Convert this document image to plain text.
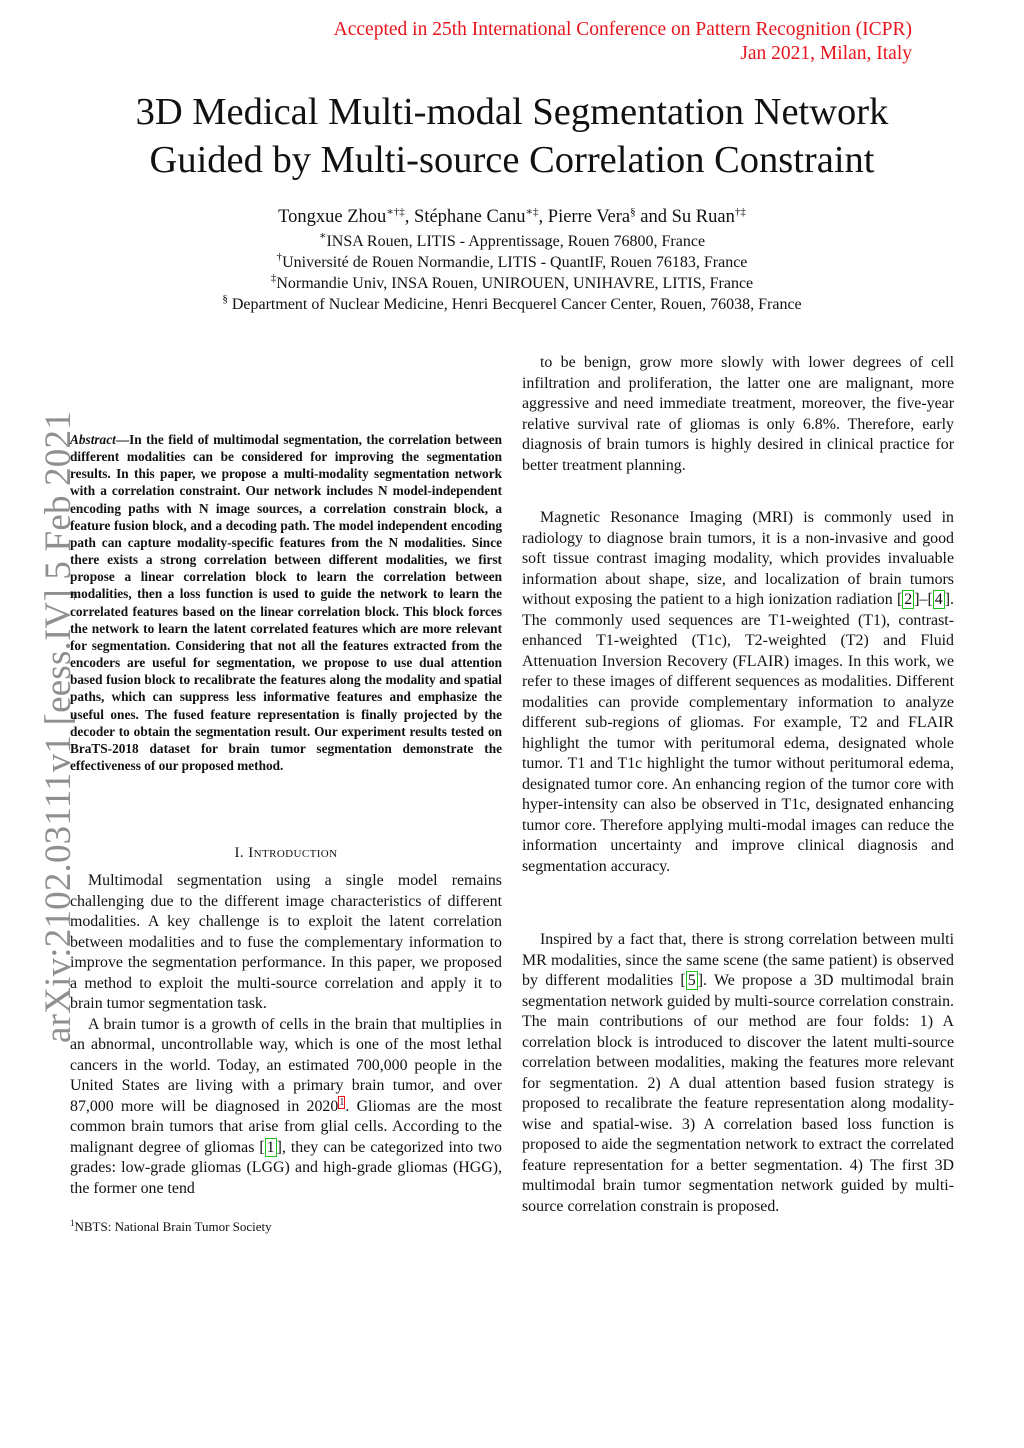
Accepted in 25th International Conference on Pattern Recognition (ICPR)
Jan 2021, Milan, Italy
3D Medical Multi-modal Segmentation Network
Guided by Multi-source Correlation Constraint
Tongxue Zhou∗†‡, Stéphane Canu∗‡, Pierre Vera§ and Su Ruan†‡
∗INSA Rouen, LITIS - Apprentissage, Rouen 76800, France
†Université de Rouen Normandie, LITIS - QuantIF, Rouen 76183, France
‡Normandie Univ, INSA Rouen, UNIROUEN, UNIHAVRE, LITIS, France
§ Department of Nuclear Medicine, Henri Becquerel Cancer Center, Rouen, 76038, France
arXiv:2102.03111v1 [eess.IV] 5 Feb 2021
Abstract—In the field of multimodal segmentation, the correlation between different modalities can be considered for improving the segmentation results. In this paper, we propose a multi-modality segmentation network with a correlation constraint. Our network includes N model-independent encoding paths with N image sources, a correlation constrain block, a feature fusion block, and a decoding path. The model independent encoding path can capture modality-specific features from the N modalities. Since there exists a strong correlation between different modalities, we first propose a linear correlation block to learn the correlation between modalities, then a loss function is used to guide the network to learn the correlated features based on the linear correlation block. This block forces the network to learn the latent correlated features which are more relevant for segmentation. Considering that not all the features extracted from the encoders are useful for segmentation, we propose to use dual attention based fusion block to recalibrate the features along the modality and spatial paths, which can suppress less informative features and emphasize the useful ones. The fused feature representation is finally projected by the decoder to obtain the segmentation result. Our experiment results tested on BraTS-2018 dataset for brain tumor segmentation demonstrate the effectiveness of our proposed method.
I. Introduction

Multimodal segmentation using a single model remains challenging due to the different image characteristics of different modalities. A key challenge is to exploit the latent correlation between modalities and to fuse the complementary information to improve the segmentation performance. In this paper, we proposed a method to exploit the multi-source correlation and apply it to brain tumor segmentation task.

A brain tumor is a growth of cells in the brain that multiplies in an abnormal, uncontrollable way, which is one of the most lethal cancers in the world. Today, an estimated 700,000 people in the United States are living with a primary brain tumor, and over 87,000 more will be diagnosed in 2020$^1$. Gliomas are the most common brain tumors that arise from glial cells. According to the malignant degree of gliomas [ 1 ], they can be categorized into two grades: low-grade gliomas (LGG) and high-grade gliomas (HGG), the former one tend

$^1$NBTS: National Brain Tumor Society

to be benign, grow more slowly with lower degrees of cell infiltration and proliferation, the latter one are malignant, more aggressive and need immediate treatment, moreover, the five-year relative survival rate of gliomas is only 6.8%. Therefore, early diagnosis of brain tumors is highly desired in clinical practice for better treatment planning.

Magnetic Resonance Imaging (MRI) is commonly used in radiology to diagnose brain tumors, it is a non-invasive and good soft tissue contrast imaging modality, which provides invaluable information about shape, size, and localization of brain tumors without exposing the patient to a high ionization radiation [ 2 ]–[ 4 ]. The commonly used sequences are T1-weighted (T1), contrast-enhanced T1-weighted (T1c), T2-weighted (T2) and Fluid Attenuation Inversion Recovery (FLAIR) images. In this work, we refer to these images of different sequences as modalities. Different modalities can provide complementary information to analyze different sub-regions of gliomas. For example, T2 and FLAIR highlight the tumor with peritumoral edema, designated whole tumor. T1 and T1c highlight the tumor without peritumoral edema, designated tumor core. An enhancing region of the tumor core with hyper-intensity can also be observed in T1c, designated enhancing tumor core. Therefore applying multi-modal images can reduce the information uncertainty and improve clinical diagnosis and segmentation accuracy.

Inspired by a fact that, there is strong correlation between multi MR modalities, since the same scene (the same patient) is observed by different modalities [ 5 ]. We propose a 3D multimodal brain segmentation network guided by multi-source correlation constrain. The main contributions of our method are four folds: 1) A correlation block is introduced to discover the latent multi-source correlation between modalities, making the features more relevant for segmentation. 2) A dual attention based fusion strategy is proposed to recalibrate the feature representation along modality-wise and spatial-wise. 3) A correlation based loss function is proposed to aide the segmentation network to extract the correlated feature representation for a better segmentation. 4) The first 3D multimodal brain tumor segmentation network guided by multi-source correlation constrain is proposed.
